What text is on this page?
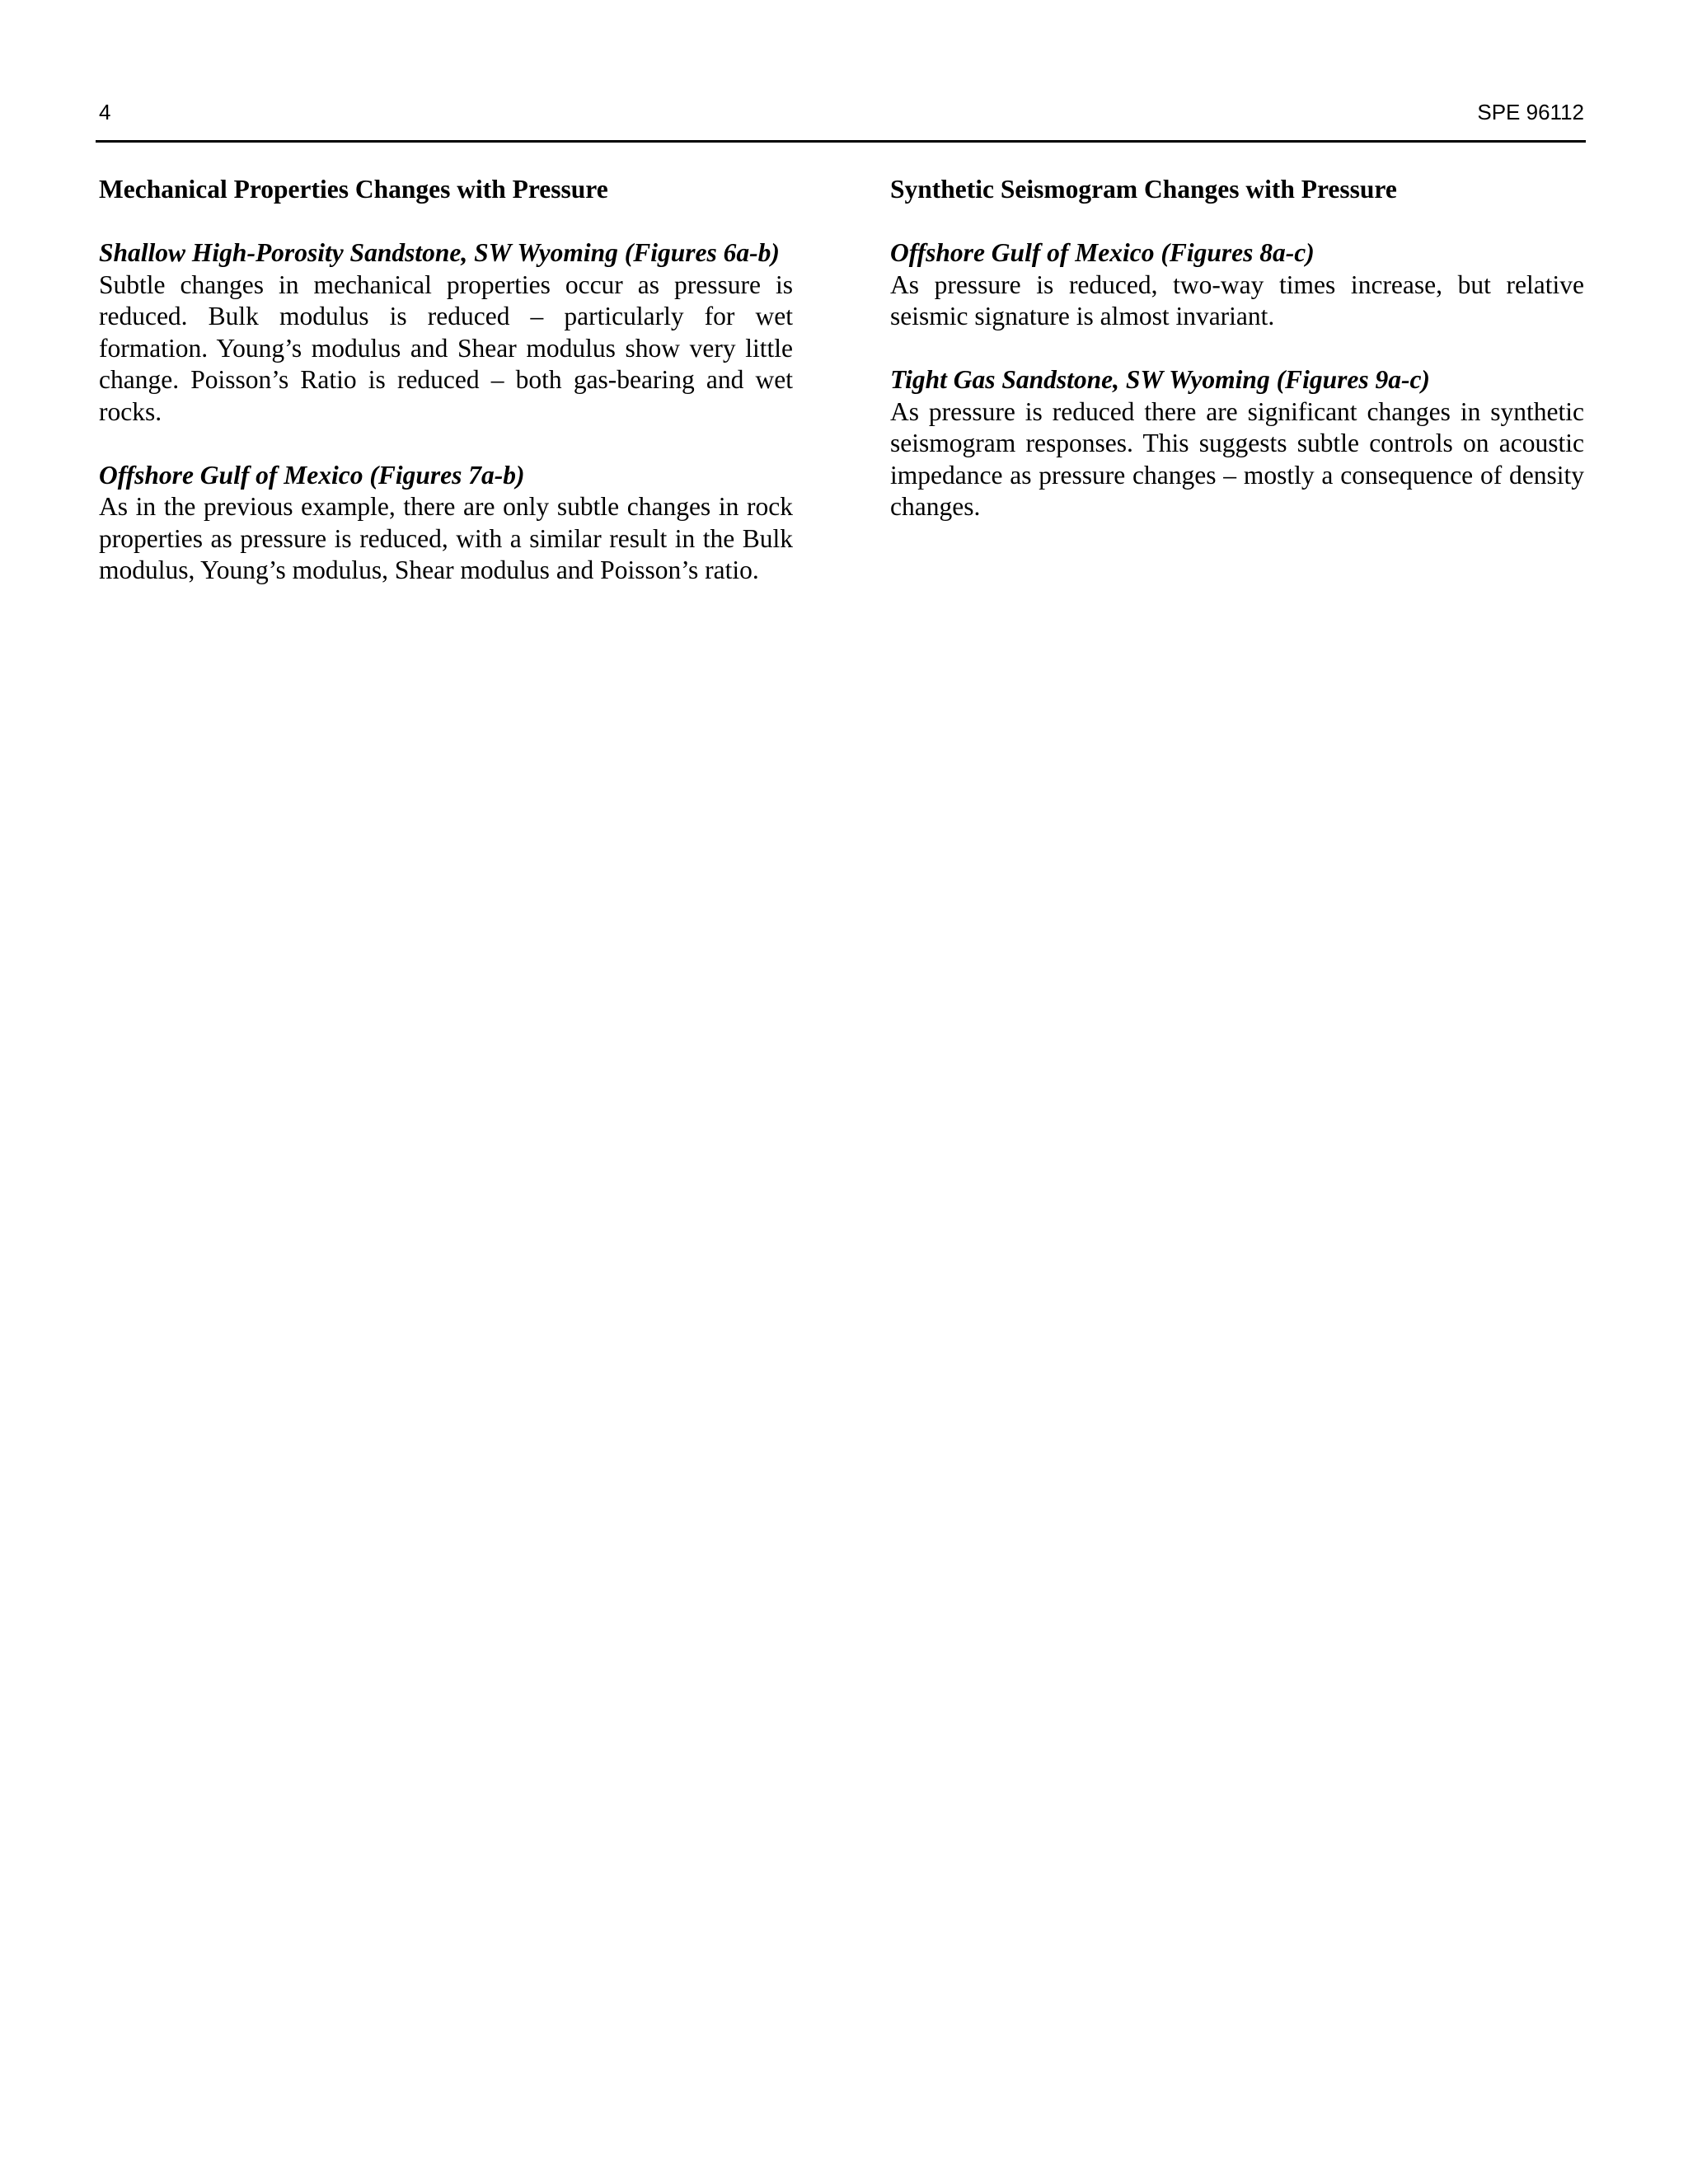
4	SPE 96112
Mechanical Properties Changes with Pressure

Shallow High-Porosity Sandstone, SW Wyoming (Figures 6a-b)

Subtle changes in mechanical properties occur as pressure is reduced. Bulk modulus is reduced – particularly for wet formation. Young’s modulus and Shear modulus show very little change. Poisson’s Ratio is reduced – both gas-bearing and wet rocks.

Offshore Gulf of Mexico (Figures 7a-b)

As in the previous example, there are only subtle changes in rock properties as pressure is reduced, with a similar result in the Bulk modulus, Young’s modulus, Shear modulus and Poisson’s ratio.

Synthetic Seismogram Changes with Pressure

Offshore Gulf of Mexico (Figures 8a-c)

As pressure is reduced, two-way times increase, but relative seismic signature is almost invariant.

Tight Gas Sandstone, SW Wyoming (Figures 9a-c)

As pressure is reduced there are significant changes in synthetic seismogram responses. This suggests subtle controls on acoustic impedance as pressure changes – mostly a consequence of density changes.
